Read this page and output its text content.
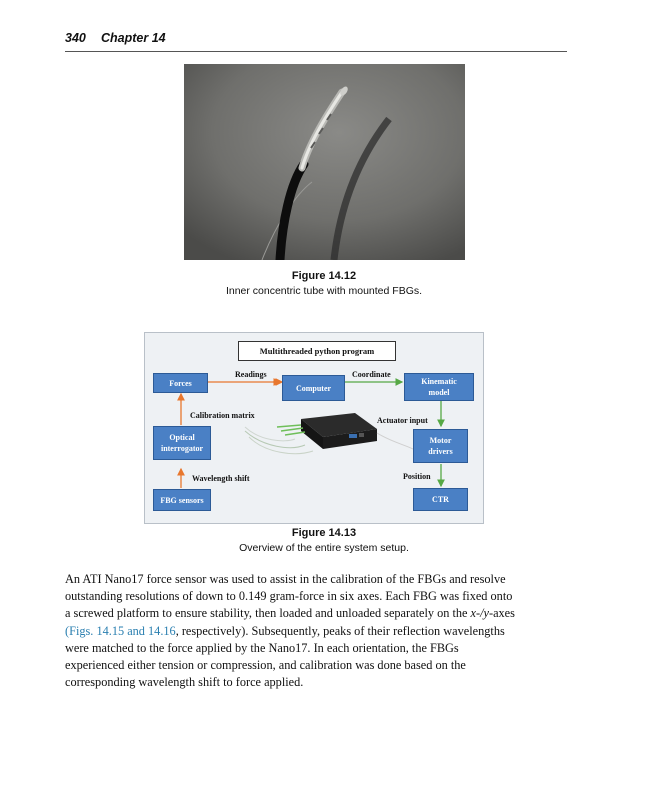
340 Chapter 14
Figure 14.12
Inner concentric tube with mounted FBGs.
Multithreaded python program
Forces
Computer
Kinematic
model
Optical
interrogator
Motor
drivers
FBG sensors	CTR
Readings	Coordinate
Calibration matrix
Actuator input
Wavelength shift	Position
Figure 14.13
Overview of the entire system setup.
An ATI Nano17 force sensor was used to assist in the calibration of the FBGs and resolve
outstanding resolutions of down to 0.149 gram-force in six axes. Each FBG was fixed onto
a screwed platform to ensure stability, then loaded and unloaded separately on the x-/y-axes
(Figs. 14.15 and 14.16, respectively). Subsequently, peaks of their reflection wavelengths
were matched to the force applied by the Nano17. In each orientation, the FBGs
experienced either tension or compression, and calibration was done based on the
corresponding wavelength shift to force applied.
